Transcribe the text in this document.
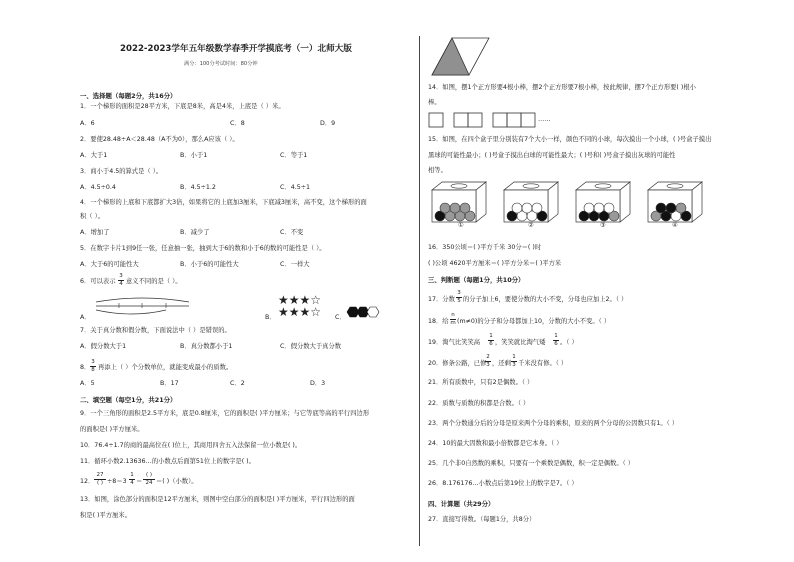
2022-2023学年五年级数学春季开学摸底考（一）北师大版
满分：100分考试时间：80分钟
一、选择题（每题2分，共16分）
1．一个梯形的面积是28平方米，下底是8米，高是4米，上底是（ ）米。
A．6	C．8	D．9
2．要使28.48÷A＜28.48（A不为0），那么A应该（ ）。
A．大于1	B．小于1	C．等于1
3．商小于4.5的算式是（ ）。
A．4.5÷0.4	B．4.5÷1.2	C．4.5÷1
4．一个梯形的上底和下底都扩大3倍，如果将它的上底加3厘米，下底减3厘米，高不变，这个梯形的面
积（ ）。
A．增加了	B．减少了	C．不变
5．在数字卡片1到9任一张，任意抽一张，抽到大于6的数和小于6的数的可能性是（ ）。
A．大于6的可能性大	B．小于6的可能性大	C．一样大
6．可以表示
3
4 意义不同的是（ ）。
A．	B．
★★★☆
★★★☆ C．
7．关于真分数和假分数，下面说法中（ ）是错误的。
A．假分数大于1	B．真分数都小于1	C．假分数大于真分数
8．
3
8 再添上（ ）个分数单位，就能变成最小的质数。
A．5	B．17	C．2	D．3
二、填空题（每空1分，共21分）
9．一个三角形的面积是2.5平方米，底是0.8厘米，它的面积是( )平方厘米；与它等底等高的平行四边形
的面积是( )平方厘米。
10．76.4÷1.7的商的最高位在( )位上，其商用四舍五入法保留一位小数是( )。
11．循环小数2.13636…的小数点后面第51位上的数字是( )。
12．
27
( ) ÷8＝3
1
4 ＝
( )
24 ＝( )（小数）。
13．如图，涂色部分的面积是12平方厘米，则图中空白部分的面积是( )平方厘米，平行四边形的面
积是( )平方厘米。
14．如图，摆1个正方形要4根小棒，摆2个正方形要7根小棒，按此规律，摆7个正方形要( )根小
棒。
……
15．如图，在四个盒子里分别装有7个大小一样，颜色不同的小球，每次摸出一个小球，( )号盒子摸出
黑球的可能性最小；( )号盒子摸出白球的可能性最大；( )号和( )号盒子摸出灰球的可能性
相等。
①	②	③	④
16．350公顷＝( )平方千米 30分＝( )时
( )公顷 4620平方厘米＝( )平方分米＝( )平方米
三、判断题（每题1分，共10分）
17．分数
3
5 的分子加上6，要使分数的大小不变，分母也应加上2。（ ）
18．给
n
m (m≠0)的分子和分母都加上10，分数的大小不变。（ ）
19．淘气比笑笑高
1
6 ，笑笑就比淘气矮
1
6 。（ ）
20．修条公路，已修
2
3 ，还剩
1
3 千米没有修。（ ）
21．所有质数中，只有2是偶数。（ ）
22．质数与质数的积都是合数。（ ）
23．两个分数通分后的分母是原来两个分母的乘积，原来的两个分母的公因数只有1。（ ）
24．10的最大因数和最小倍数都是它本身。（ ）
25．几个非0自然数的乘积，只要有一个乘数是偶数，积一定是偶数。（ ）
26．8.176176…小数点后第19位上的数字是7。（ ）
四、计算题（共29分）
27．直接写得数。（每题1分，共8分）
